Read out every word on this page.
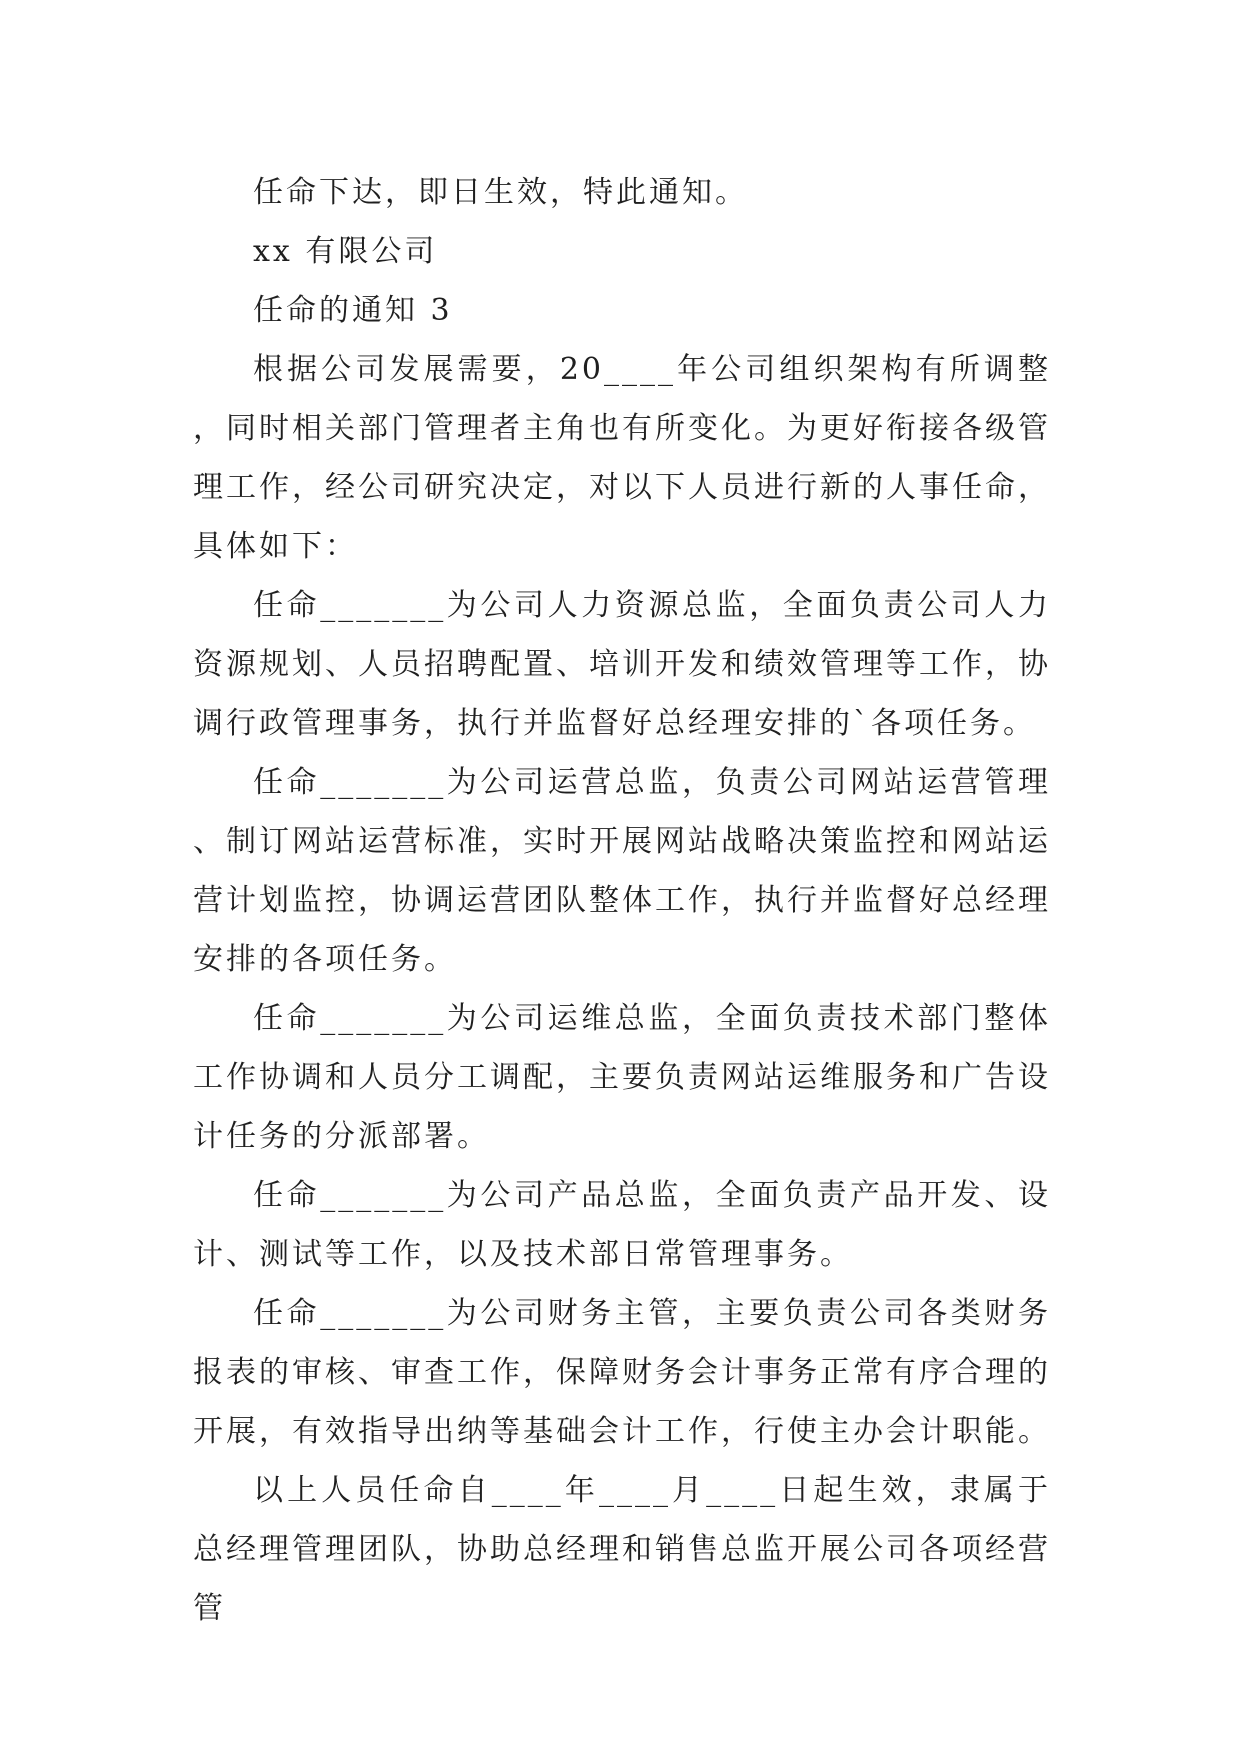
任命下达，即日生效，特此通知。

xx 有限公司

任命的通知 3

根据公司发展需要，20____年公司组织架构有所调整，同时相关部门管理者主角也有所变化。为更好衔接各级管理工作，经公司研究决定，对以下人员进行新的人事任命，具体如下：

任命_______为公司人力资源总监，全面负责公司人力资源规划、人员招聘配置、培训开发和绩效管理等工作，协调行政管理事务，执行并监督好总经理安排的`各项任务。

任命_______为公司运营总监，负责公司网站运营管理、制订网站运营标准，实时开展网站战略决策监控和网站运营计划监控，协调运营团队整体工作，执行并监督好总经理安排的各项任务。

任命_______为公司运维总监，全面负责技术部门整体工作协调和人员分工调配，主要负责网站运维服务和广告设计任务的分派部署。

任命_______为公司产品总监，全面负责产品开发、设计、测试等工作，以及技术部日常管理事务。

任命_______为公司财务主管，主要负责公司各类财务报表的审核、审查工作，保障财务会计事务正常有序合理的开展，有效指导出纳等基础会计工作，行使主办会计职能。

以上人员任命自____年____月____日起生效，隶属于总经理管理团队，协助总经理和销售总监开展公司各项经营管
